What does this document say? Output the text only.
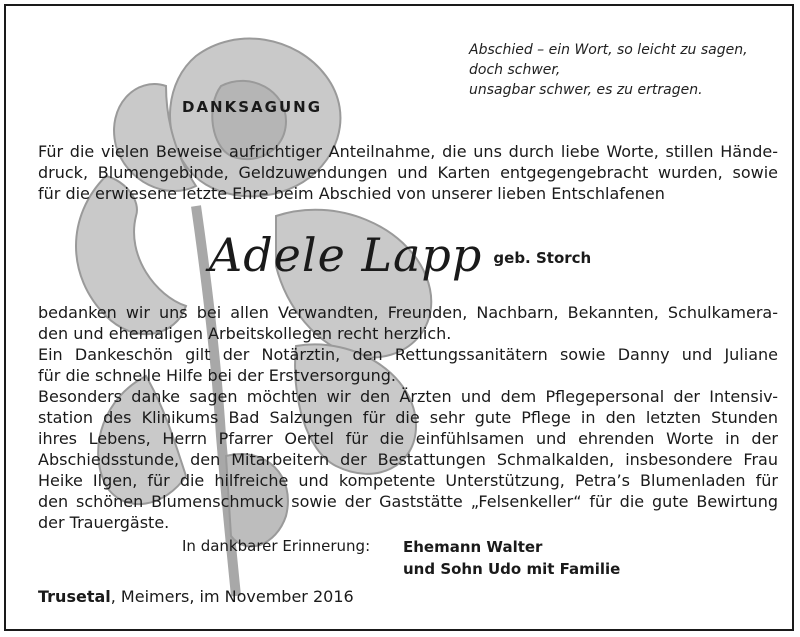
Abschied – ein Wort, so leicht zu sagen,
doch schwer,
unsagbar schwer, es zu ertragen.
DANKSAGUNG
Für die vielen Beweise aufrichtiger Anteilnahme, die uns durch liebe Worte, stillen Hände-
druck, Blumengebinde, Geldzuwendungen und Karten entgegengebracht wurden, sowie
für die erwiesene letzte Ehre beim Abschied von unserer lieben Entschlafenen
Adele Lapp geb. Storch
bedanken wir uns bei allen Verwandten, Freunden, Nachbarn, Bekannten, Schulkamera-
den und ehemaligen Arbeitskollegen recht herzlich.
Ein Dankeschön gilt der Notärztin, den Rettungssanitätern sowie Danny und Juliane
für die schnelle Hilfe bei der Erstversorgung.
Besonders danke sagen möchten wir den Ärzten und dem Pflegepersonal der Intensiv-
station des Klinikums Bad Salzungen für die sehr gute Pflege in den letzten Stunden
ihres Lebens, Herrn Pfarrer Oertel für die einfühlsamen und ehrenden Worte in der
Abschiedsstunde, den Mitarbeitern der Bestattungen Schmalkalden, insbesondere Frau
Heike Ilgen, für die hilfreiche und kompetente Unterstützung, Petra’s Blumenladen für
den schönen Blumenschmuck sowie der Gaststätte „Felsenkeller“ für die gute Bewirtung
der Trauergäste.
In dankbarer Erinnerung: Ehemann Walter
und Sohn Udo mit Familie
Trusetal, Meimers, im November 2016
